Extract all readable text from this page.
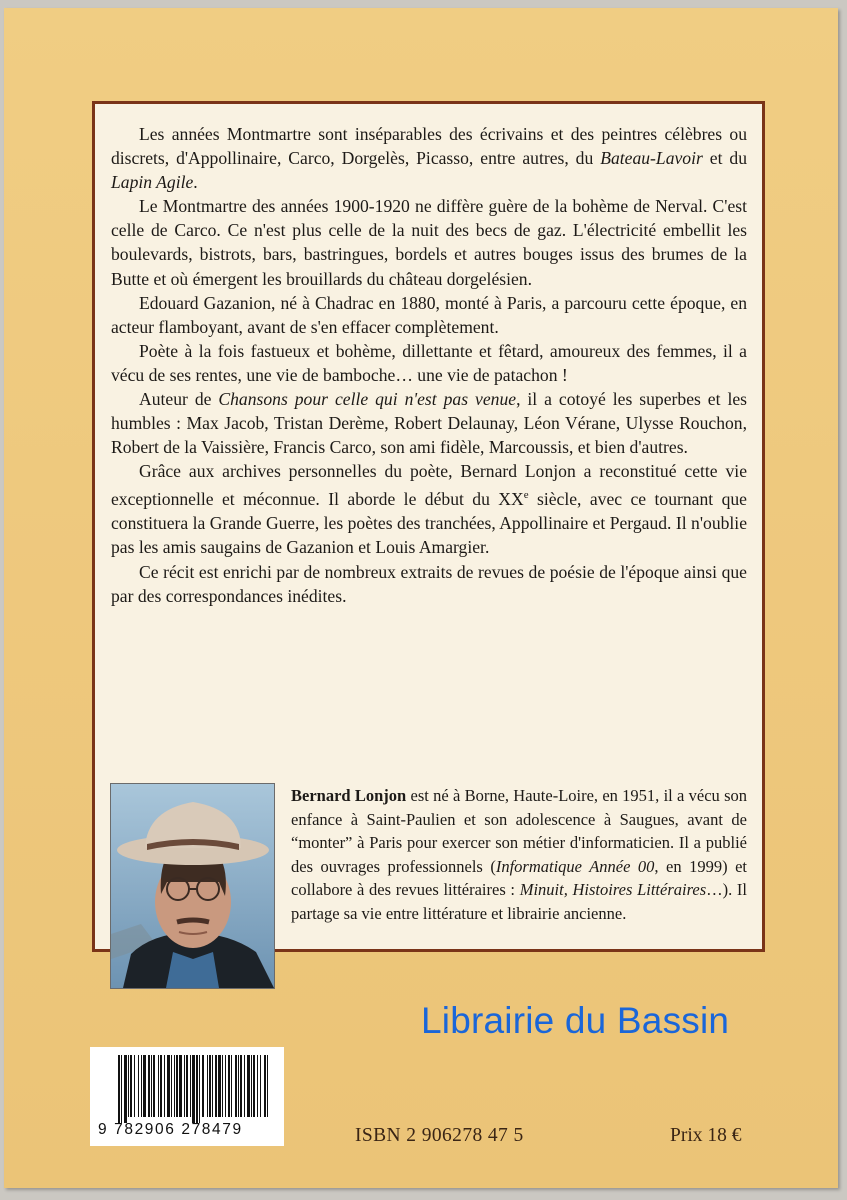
Les années Montmartre sont inséparables des écrivains et des peintres célèbres ou discrets, d'Appollinaire, Carco, Dorgelès, Picasso, entre autres, du Bateau-Lavoir et du Lapin Agile.

Le Montmartre des années 1900-1920 ne diffère guère de la bohème de Nerval. C'est celle de Carco. Ce n'est plus celle de la nuit des becs de gaz. L'électricité embellit les boulevards, bistrots, bars, bastringues, bordels et autres bouges issus des brumes de la Butte et où émergent les brouillards du château dorgelésien.

Edouard Gazanion, né à Chadrac en 1880, monté à Paris, a parcouru cette époque, en acteur flamboyant, avant de s'en effacer complètement.

Poète à la fois fastueux et bohème, dillettante et fêtard, amoureux des femmes, il a vécu de ses rentes, une vie de bamboche… une vie de patachon !

Auteur de Chansons pour celle qui n'est pas venue, il a cotoyé les superbes et les humbles : Max Jacob, Tristan Derème, Robert Delaunay, Léon Vérane, Ulysse Rouchon, Robert de la Vaissière, Francis Carco, son ami fidèle, Marcoussis, et bien d'autres.

Grâce aux archives personnelles du poète, Bernard Lonjon a reconstitué cette vie exceptionnelle et méconnue. Il aborde le début du XXe siècle, avec ce tournant que constituera la Grande Guerre, les poètes des tranchées, Appollinaire et Pergaud. Il n'oublie pas les amis saugains de Gazanion et Louis Amargier.

Ce récit est enrichi par de nombreux extraits de revues de poésie de l'époque ainsi que par des correspondances inédites.

Bernard Lonjon est né à Borne, Haute-Loire, en 1951, il a vécu son enfance à Saint-Paulien et son adolescence à Saugues, avant de “monter” à Paris pour exercer son métier d'informaticien. Il a publié des ouvrages professionnels (Informatique Année 00, en 1999) et collabore à des revues littéraires : Minuit, Histoires Littéraires…). Il partage sa vie entre littérature et librairie ancienne.
Librairie du Bassin
9 782906 278479	ISBN 2 906278 47 5	Prix 18 €
